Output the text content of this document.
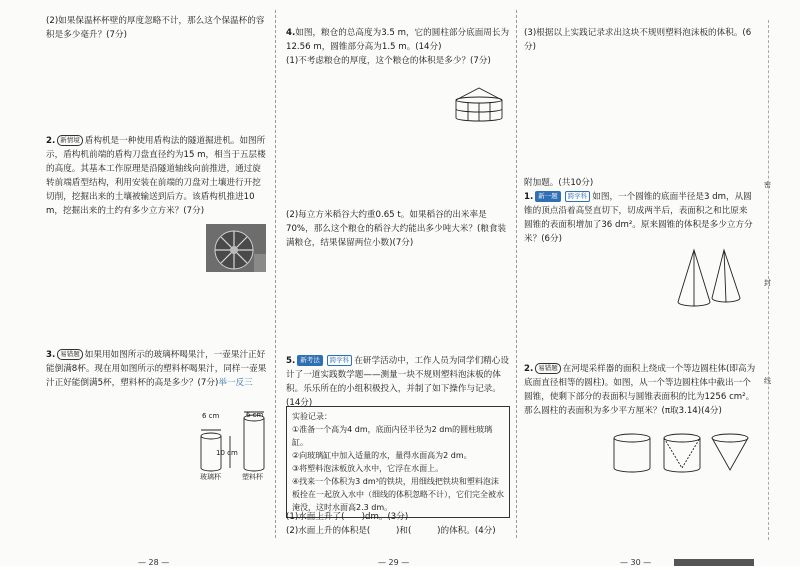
(2)如果保温杯杯壁的厚度忽略不计，那么这个保温杯的容积是多少毫升？(7分)
2. 新情境 盾构机是一种使用盾构法的隧道掘进机。如图所示，盾构机前端的盾构刀盘直径约为15 m，相当于五层楼的高度。其基本工作原理是沿隧道轴线向前推进，通过旋转前端盾型结构，利用安装在前端的刀盘对土壤进行开挖切削，挖掘出来的土壤被输送到后方。该盾构机推进10 m，挖掘出来的土约有多少立方米？(7分)
3. 易错题 如果用如图所示的玻璃杯喝果汁，一壶果汁正好能倒满8杯。现在用如图所示的塑料杯喝果汁，同样一壶果汁正好能倒满5杯，塑料杯的高是多少？(7分)举一反三
6 cm
10 cm
玻璃杯
6 cm
塑料杯
— 28 —
4.如图，粮仓的总高度为3.5 m，它的圆柱部分底面周长为12.56 m，圆锥部分高为1.5 m。(14分)
(1)不考虑粮仓的厚度，这个粮仓的体积是多少？(7分)
(2)每立方米稻谷大约重0.65 t。如果稻谷的出米率是70%，那么这个粮仓的稻谷大约能出多少吨大米？(粮食装满粮仓，结果保留两位小数)(7分)
5. 新考法 跨学科 在研学活动中，工作人员为同学们精心设计了一道实践数学题——测量一块不规则塑料泡沫板的体积。乐乐所在的小组积极投入，并制了如下操作与记录。(14分)
实验记录：
①准备一个高为4 dm，底面内径半径为2 dm的圆柱玻璃缸。
②向玻璃缸中加入适量的水，量得水面高为2 dm。
③将塑料泡沫板放入水中，它浮在水面上。
④找来一个体积为3 dm³的铁块，用细线把铁块和塑料泡沫板拴在一起放入水中（细线的体积忽略不计），它们完全被水淹没，这时水面高2.3 dm。
(1)水面上升了(　　)dm。(3分)
(2)水面上升的体积是(　　　)和(　　　)的体积。(4分)
— 29 —
(3)根据以上实践记录求出这块不规则塑料泡沫板的体积。(6分)
附加题。(共10分)
1. 新一题 跨学科 如图，一个圆锥的底面半径是3 dm，从圆锥的顶点沿着高竖直切下，切成两半后，表面积之和比原来圆锥的表面积增加了36 dm²。原来圆锥的体积是多少立方分米？(6分)
2. 易错题 在河堤采样器的面积上绕成一个等边圆柱体(即高为底面直径相等的圆柱)。如图，从一个等边圆柱体中截出一个圆锥，使剩下部分的表面积与圆锥表面积的比为1256 cm²。那么圆柱的表面积为多少平方厘米？(π取3.14)(4分)
— 30 —
密
封
线
